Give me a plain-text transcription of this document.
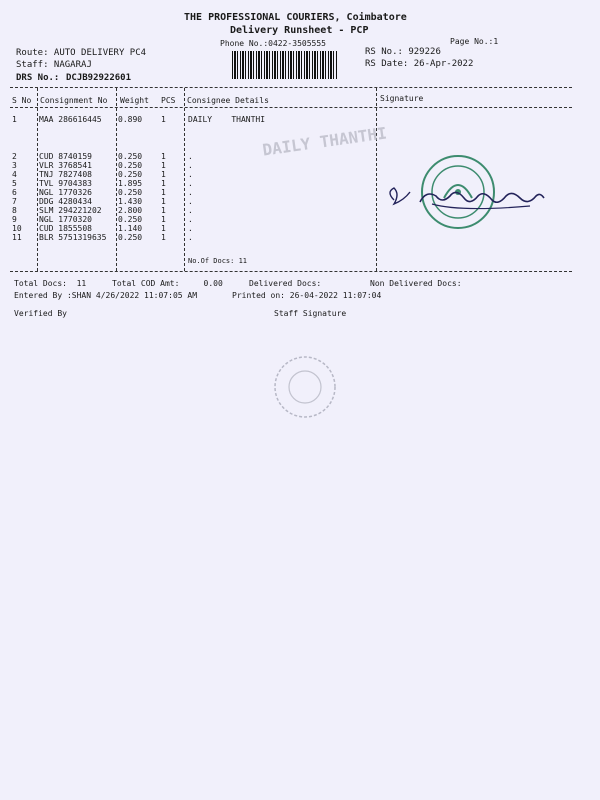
THE PROFESSIONAL COURIERS, Coimbatore
Delivery Runsheet - PCP
Phone No.:0422-3505555	Page No.:1
Route: AUTO DELIVERY PC4
Staff: NAGARAJ
DRS No.: DCJB92922601
RS No.: 929226
RS Date: 26-Apr-2022
S No Consignment No Weight PCS Consignee Details	Signature
1	MAA 286616445 0.890 1	DAILY    THANTHI
2	CUD 8740159	0.250 1	.
3	VLR 3768541	0.250 1	.
4	TNJ 7827408	0.250 1	.
5	TVL 9704383	1.895 1	.
6	NGL 1770326	0.250 1	.
7	DDG 4280434	1.430 1	.
8	SLM 294221202 2.800 1	.
9	NGL 1770320	0.250 1	.
10 CUD 1855508	1.140 1	.
11 BLR 5751319635 0.250 1	.
No.Of Docs: 11
DAILY THANTHI
Total Docs:  11	Total COD Amt:     0.00	Delivered Docs:	Non Delivered Docs:
Entered By :SHAN 4/26/2022 11:07:05 AM	Printed on: 26-04-2022 11:07:04
Verified By	Staff Signature
